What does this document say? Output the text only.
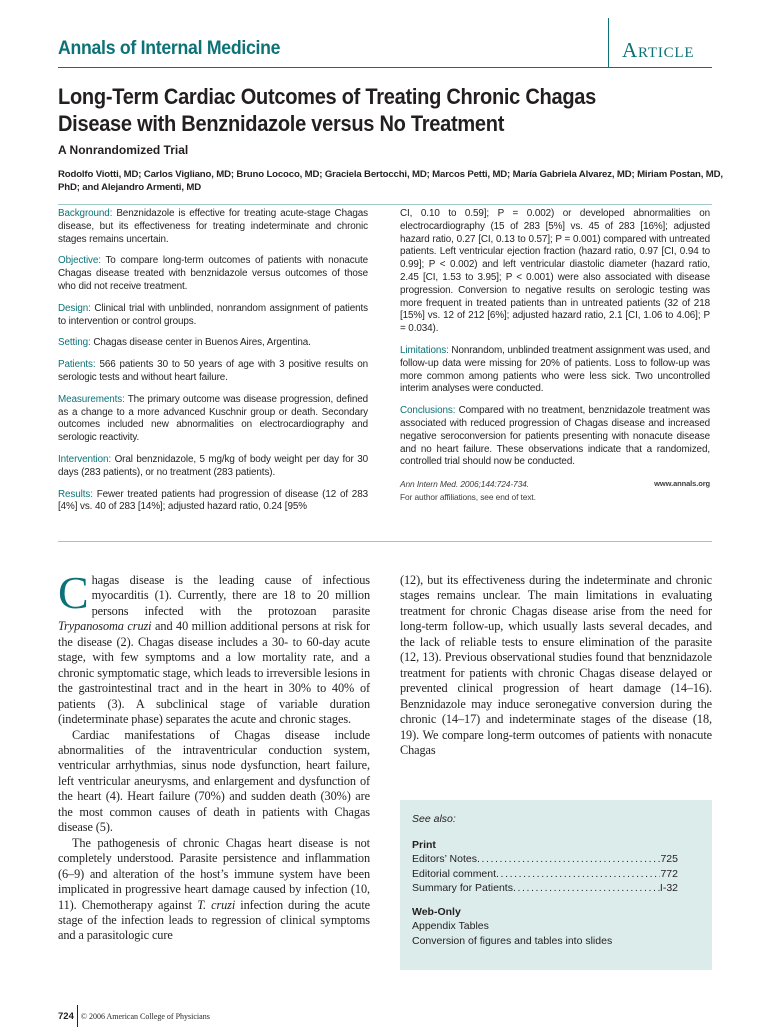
Annals of Internal Medicine	Article
Long-Term Cardiac Outcomes of Treating Chronic Chagas Disease with Benznidazole versus No Treatment
A Nonrandomized Trial
Rodolfo Viotti, MD; Carlos Vigliano, MD; Bruno Lococo, MD; Graciela Bertocchi, MD; Marcos Petti, MD; María Gabriela Alvarez, MD; Miriam Postan, MD, PhD; and Alejandro Armenti, MD

Background: Benznidazole is effective for treating acute-stage Chagas disease, but its effectiveness for treating indeterminate and chronic stages remains uncertain.

Objective: To compare long-term outcomes of patients with nonacute Chagas disease treated with benznidazole versus outcomes of those who did not receive treatment.

Design: Clinical trial with unblinded, nonrandom assignment of patients to intervention or control groups.

Setting: Chagas disease center in Buenos Aires, Argentina.

Patients: 566 patients 30 to 50 years of age with 3 positive results on serologic tests and without heart failure.

Measurements: The primary outcome was disease progression, defined as a change to a more advanced Kuschnir group or death. Secondary outcomes included new abnormalities on electrocardiography and serologic reactivity.

Intervention: Oral benznidazole, 5 mg/kg of body weight per day for 30 days (283 patients), or no treatment (283 patients).

Results: Fewer treated patients had progression of disease (12 of 283 [4%] vs. 40 of 283 [14%]; adjusted hazard ratio, 0.24 [95%

CI, 0.10 to 0.59]; P = 0.002) or developed abnormalities on electrocardiography (15 of 283 [5%] vs. 45 of 283 [16%]; adjusted hazard ratio, 0.27 [CI, 0.13 to 0.57]; P = 0.001) compared with untreated patients. Left ventricular ejection fraction (hazard ratio, 0.97 [CI, 0.94 to 0.99]; P < 0.002) and left ventricular diastolic diameter (hazard ratio, 2.45 [CI, 1.53 to 3.95]; P < 0.001) were also associated with disease progression. Conversion to negative results on serologic testing was more frequent in treated patients than in untreated patients (32 of 218 [15%] vs. 12 of 212 [6%]; adjusted hazard ratio, 2.1 [CI, 1.06 to 4.06]; P = 0.034).

Limitations: Nonrandom, unblinded treatment assignment was used, and follow-up data were missing for 20% of patients. Loss to follow-up was more common among patients who were less sick. Two uncontrolled interim analyses were conducted.

Conclusions: Compared with no treatment, benznidazole treatment was associated with reduced progression of Chagas disease and increased negative seroconversion for patients presenting with nonacute disease and no heart failure. These observations indicate that a randomized, controlled trial should now be conducted.

Ann Intern Med. 2006;144:724-734.	www.annals.org
For author affiliations, see end of text.

Chagas disease is the leading cause of infectious myocarditis (1). Currently, there are 18 to 20 million persons infected with the protozoan parasite Trypanosoma cruzi and 40 million additional persons at risk for the disease (2). Chagas disease includes a 30- to 60-day acute stage, with few symptoms and a low mortality rate, and a chronic symptomatic stage, which leads to irreversible lesions in the gastrointestinal tract and in the heart in 30% to 40% of patients (3). A subclinical stage of variable duration (indeterminate phase) separates the acute and chronic stages.

Cardiac manifestations of Chagas disease include abnormalities of the intraventricular conduction system, ventricular arrhythmias, sinus node dysfunction, heart failure, left ventricular aneurysms, and enlargement and dysfunction of the heart (4). Heart failure (70%) and sudden death (30%) are the most common causes of death in patients with Chagas disease (5).

The pathogenesis of chronic Chagas heart disease is not completely understood. Parasite persistence and inflammation (6–9) and alteration of the host’s immune system have been implicated in progressive heart damage caused by infection (10, 11). Chemotherapy against T. cruzi infection during the acute stage of the infection leads to regression of clinical symptoms and a parasitologic cure

(12), but its effectiveness during the indeterminate and chronic stages remains unclear. The main limitations in evaluating treatment for chronic Chagas disease arise from the need for long-term follow-up, which usually lasts several decades, and the lack of reliable tests to ensure elimination of the parasite (12, 13). Previous observational studies found that benznidazole treatment for patients with chronic Chagas disease delayed or prevented clinical progression of heart damage (14–16). Benznidazole may induce seronegative conversion during the chronic (14–17) and indeterminate stages of the disease (18, 19). We compare long-term outcomes of patients with nonacute Chagas

See also:
Print
Editors’ Notes .....	725
Editorial comment .....	772
Summary for Patients .....	I-32
Web-Only
Appendix Tables
Conversion of figures and tables into slides
724 © 2006 American College of Physicians
